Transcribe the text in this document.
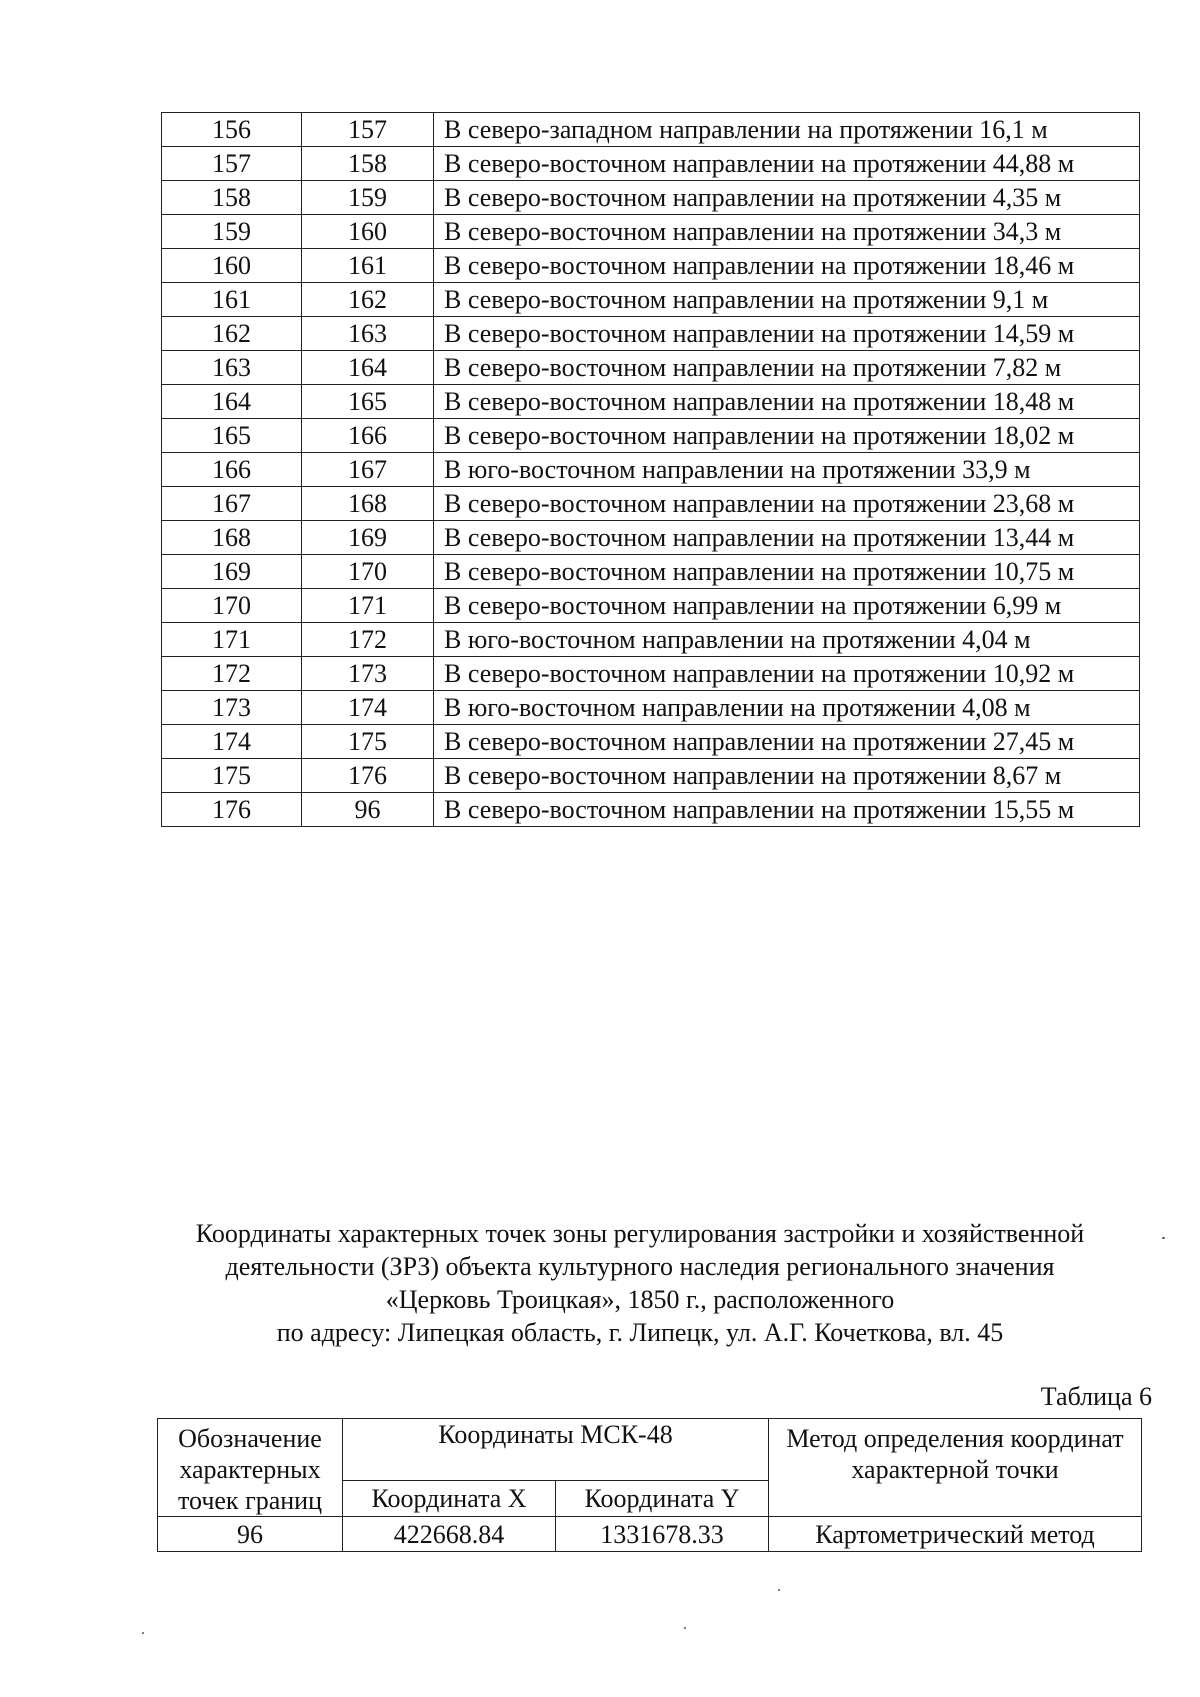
156	157	В северо-западном направлении на протяжении 16,1 м
157	158	В северо-восточном направлении на протяжении 44,88 м
158	159	В северо-восточном направлении на протяжении 4,35 м
159	160	В северо-восточном направлении на протяжении 34,3 м
160	161	В северо-восточном направлении на протяжении 18,46 м
161	162	В северо-восточном направлении на протяжении 9,1 м
162	163	В северо-восточном направлении на протяжении 14,59 м
163	164	В северо-восточном направлении на протяжении 7,82 м
164	165	В северо-восточном направлении на протяжении 18,48 м
165	166	В северо-восточном направлении на протяжении 18,02 м
166	167	В юго-восточном направлении на протяжении 33,9 м
167	168	В северо-восточном направлении на протяжении 23,68 м
168	169	В северо-восточном направлении на протяжении 13,44 м
169	170	В северо-восточном направлении на протяжении 10,75 м
170	171	В северо-восточном направлении на протяжении 6,99 м
171	172	В юго-восточном направлении на протяжении 4,04 м
172	173	В северо-восточном направлении на протяжении 10,92 м
173	174	В юго-восточном направлении на протяжении 4,08 м
174	175	В северо-восточном направлении на протяжении 27,45 м
175	176	В северо-восточном направлении на протяжении 8,67 м
176	96	В северо-восточном направлении на протяжении 15,55 м
Координаты характерных точек зоны регулирования застройки и хозяйственной
деятельности (ЗРЗ) объекта культурного наследия регионального значения
«Церковь Троицкая», 1850 г., расположенного
по адресу: Липецкая область, г. Липецк, ул. А.Г. Кочеткова, вл. 45
Таблица 6
Обозначение характерных точек границ	Координаты МСК-48		Метод определения координат характерной точки
	Координата X	Координата Y	
96	422668.84	1331678.33	Картометрический метод
